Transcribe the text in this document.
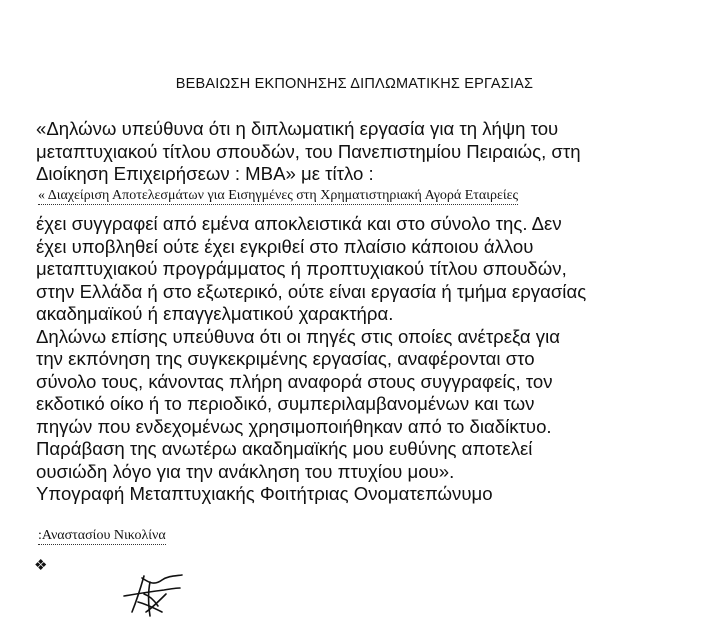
ΒΕΒΑΙΩΣΗ ΕΚΠΟΝΗΣΗΣ ΔΙΠΛΩΜΑΤΙΚΗΣ ΕΡΓΑΣΙΑΣ
«Δηλώνω υπεύθυνα ότι η διπλωματική εργασία για τη λήψη του
μεταπτυχιακού τίτλου σπουδών, του Πανεπιστημίου Πειραιώς, στη
Διοίκηση Επιχειρήσεων : ΜΒΑ» με τίτλο :
« Διαχείριση Αποτελεσμάτων για Εισηγμένες στη Χρηματιστηριακή Αγορά Εταιρείες
έχει συγγραφεί από εμένα αποκλειστικά και στο σύνολο της. Δεν
έχει υποβληθεί ούτε έχει εγκριθεί στο πλαίσιο κάποιου άλλου
μεταπτυχιακού προγράμματος ή προπτυχιακού τίτλου σπουδών,
στην Ελλάδα ή στο εξωτερικό, ούτε είναι εργασία ή τμήμα εργασίας
ακαδημαϊκού ή επαγγελματικού χαρακτήρα.
Δηλώνω επίσης υπεύθυνα ότι οι πηγές στις οποίες ανέτρεξα για
την εκπόνηση της συγκεκριμένης εργασίας, αναφέρονται στο
σύνολο τους, κάνοντας πλήρη αναφορά στους συγγραφείς, τον
εκδοτικό οίκο ή το περιοδικό, συμπεριλαμβανομένων και των
πηγών που ενδεχομένως χρησιμοποιήθηκαν από το διαδίκτυο.
Παράβαση της ανωτέρω ακαδημαϊκής μου ευθύνης αποτελεί
ουσιώδη λόγο για την ανάκληση του πτυχίου μου».
Υπογραφή Μεταπτυχιακής Φοιτήτριας Ονοματεπώνυμο
:Αναστασίου Νικολίνα
❖
